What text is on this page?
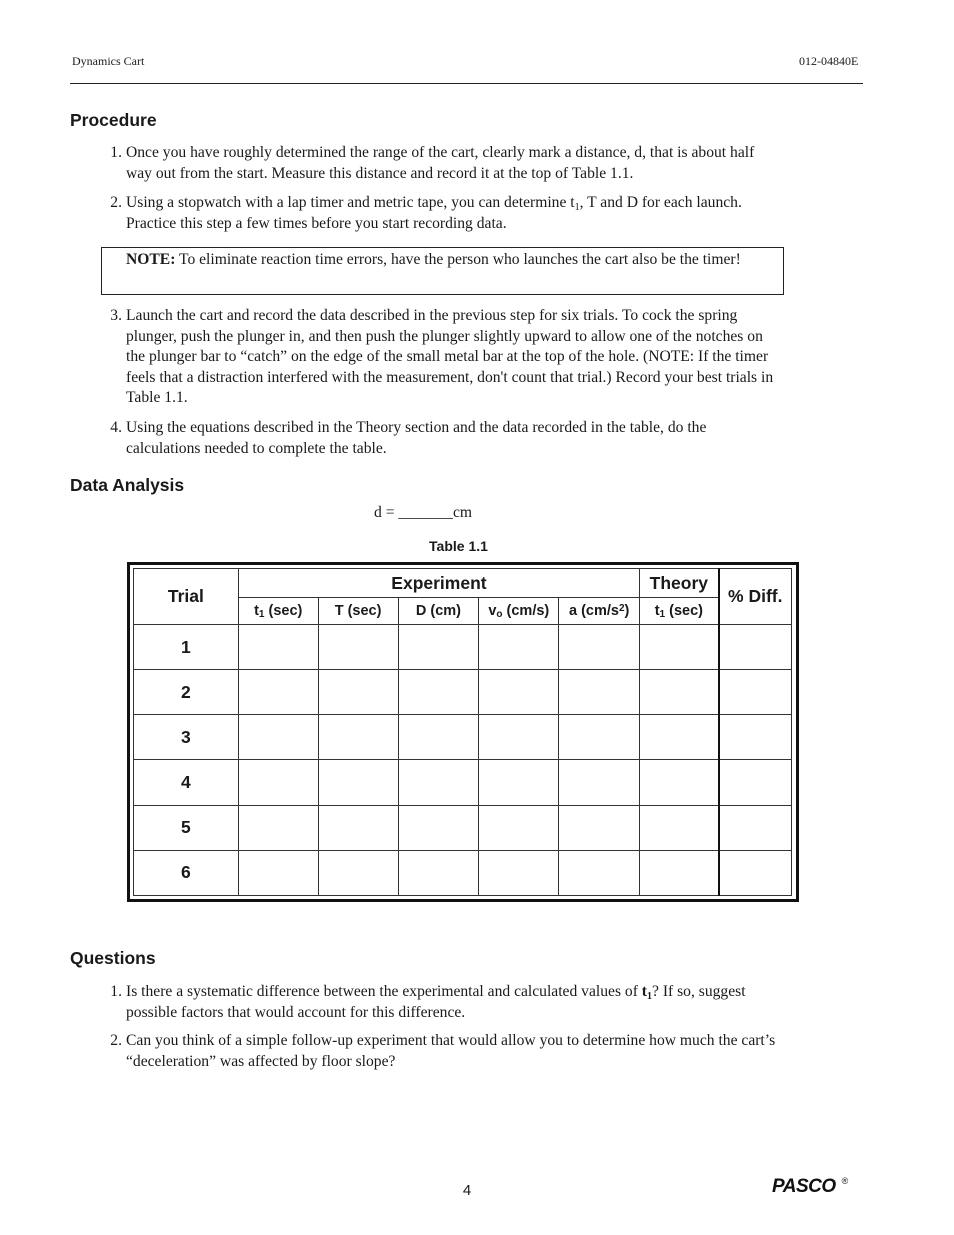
Dynamics Cart	012-04840E
Procedure
1. Once you have roughly determined the range of the cart, clearly mark a distance, d, that is about half way out from the start. Measure this distance and record it at the top of Table 1.1.
2. Using a stopwatch with a lap timer and metric tape, you can determine $t_1$, T and D for each launch. Practice this step a few times before you start recording data.
NOTE: To eliminate reaction time errors, have the person who launches the cart also be the timer!
3. Launch the cart and record the data described in the previous step for six trials. To cock the spring plunger, push the plunger in, and then push the plunger slightly upward to allow one of the notches on the plunger bar to “catch” on the edge of the small metal bar at the top of the hole. (NOTE: If the timer feels that a distraction interfered with the measurement, don't count that trial.) Record your best trials in Table 1.1.
4. Using the equations described in the Theory section and the data recorded in the table, do the calculations needed to complete the table.
Data Analysis
d = _______cm
Table 1.1
Trial	Experiment					Theory	% Diff.
	$t_1$ (sec)	T (sec)	D (cm)	$v_o$ (cm/s)	a $(cm/s^2)$	$t_1$ (sec)	
1							
2							
3							
4							
5							
6							
Questions
1. Is there a systematic difference between the experimental and calculated values of $t_1$? If so, suggest possible factors that would account for this difference.
2. Can you think of a simple follow-up experiment that would allow you to determine how much the cart’s “deceleration” was affected by floor slope?
4	PASCO ®
